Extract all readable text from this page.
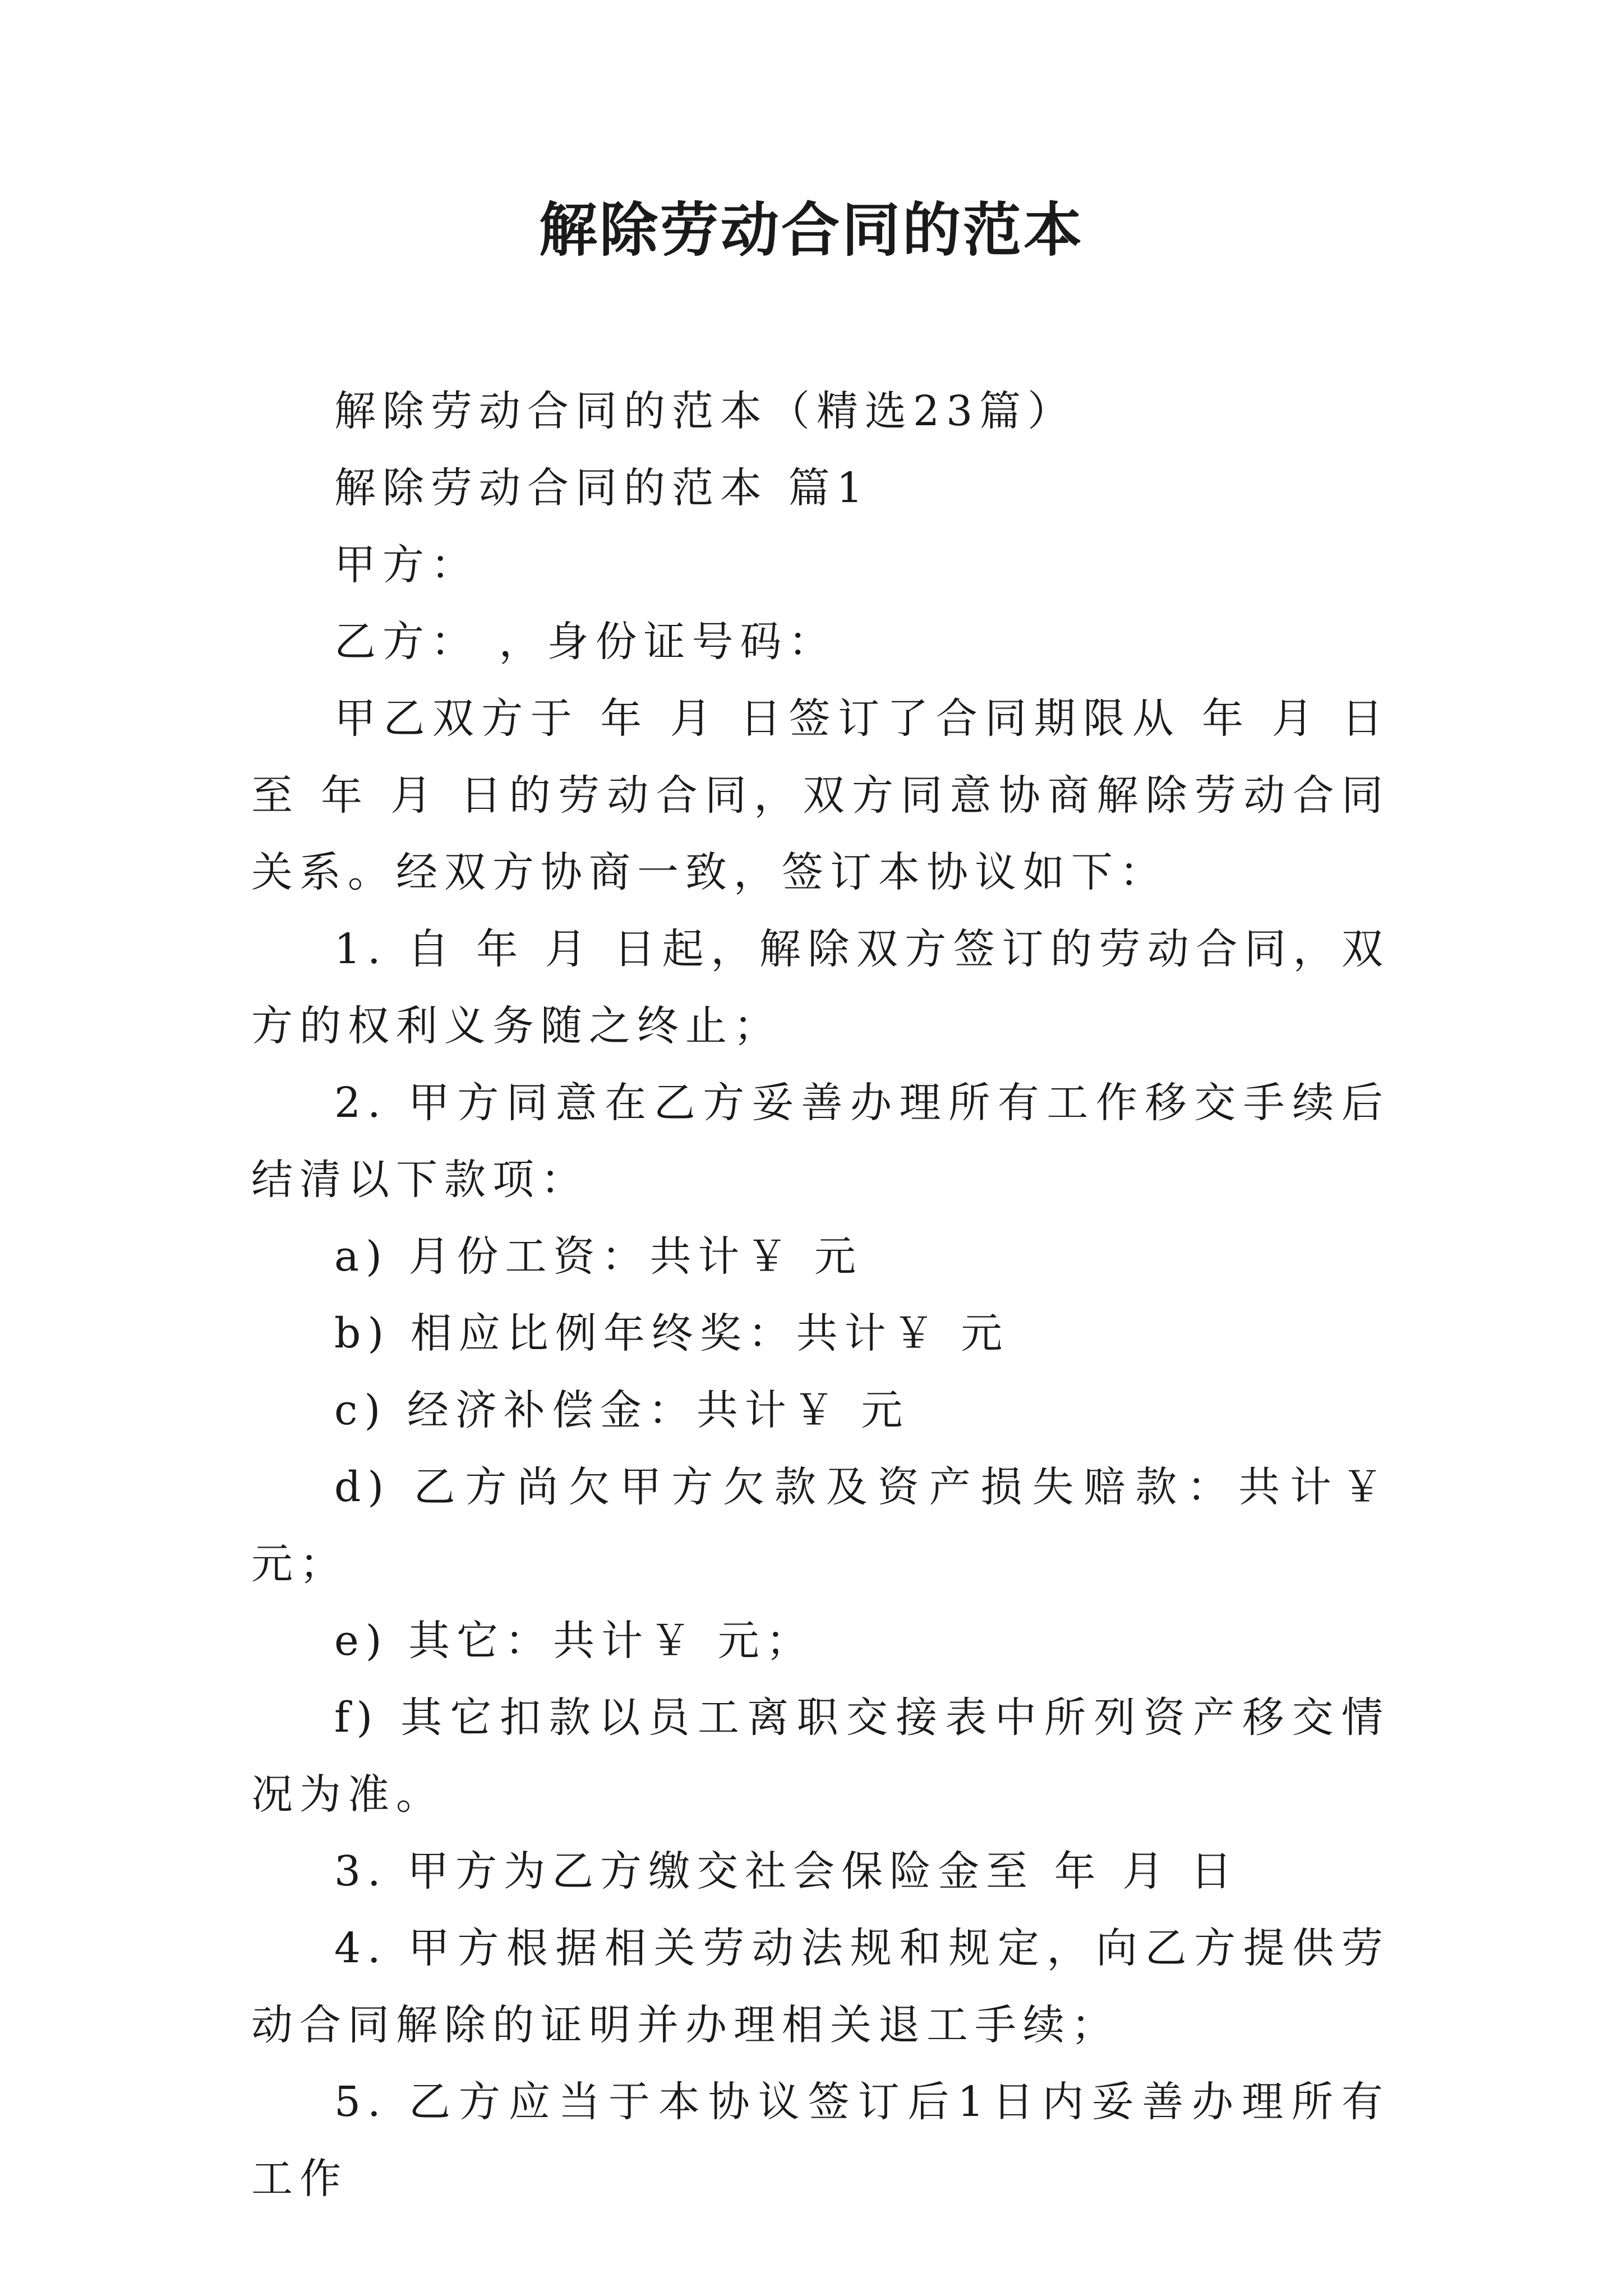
解除劳动合同的范本

解除劳动合同的范本（精选23篇）

解除劳动合同的范本 篇1

甲方：

乙方： ，身份证号码：

甲乙双方于 年 月 日签订了合同期限从 年 月 日至 年 月 日的劳动合同，双方同意协商解除劳动合同关系。经双方协商一致，签订本协议如下：

1. 自 年 月 日起，解除双方签订的劳动合同，双方的权利义务随之终止；

2. 甲方同意在乙方妥善办理所有工作移交手续后结清以下款项：

a) 月份工资：共计￥ 元

b) 相应比例年终奖：共计￥ 元

c) 经济补偿金：共计￥ 元

d) 乙方尚欠甲方欠款及资产损失赔款：共计￥ 元；

e) 其它：共计￥ 元；

f) 其它扣款以员工离职交接表中所列资产移交情况为准。

3. 甲方为乙方缴交社会保险金至 年 月 日

4. 甲方根据相关劳动法规和规定，向乙方提供劳动合同解除的证明并办理相关退工手续；

5. 乙方应当于本协议签订后1日内妥善办理所有工作
